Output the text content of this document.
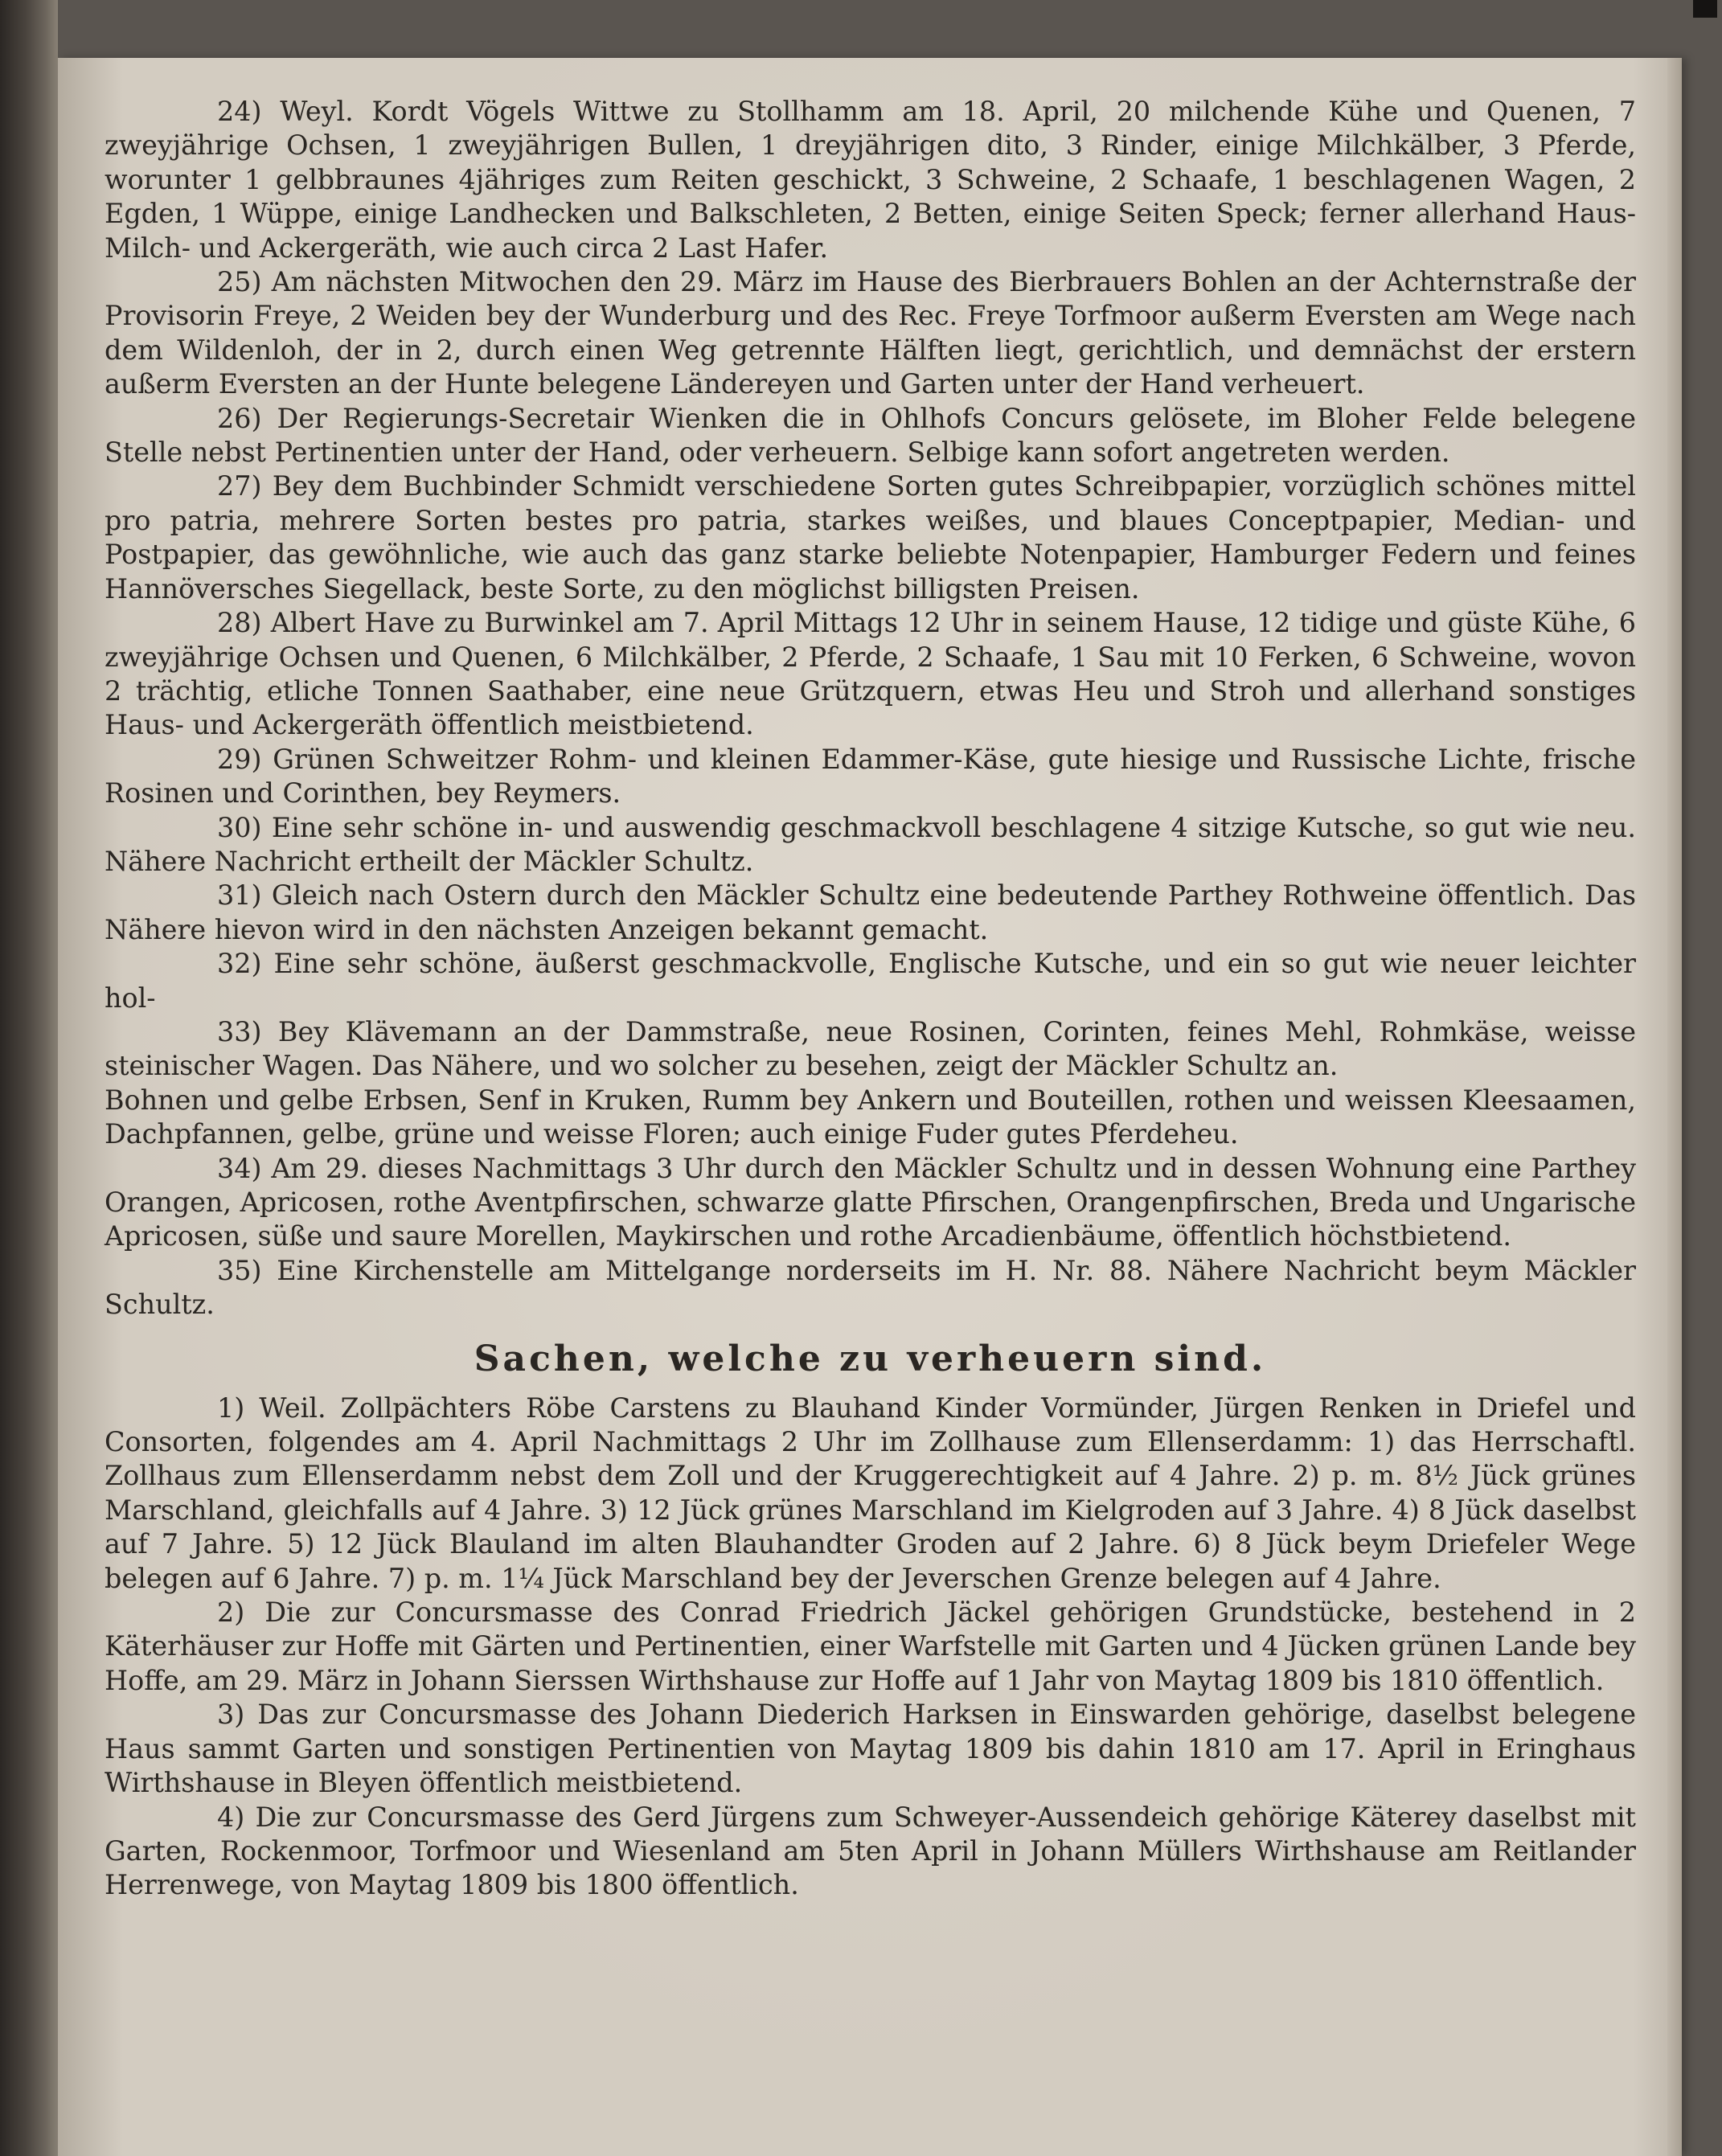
24) Weyl. Kordt Vögels Wittwe zu Stollhamm am 18. April, 20 milchende Kühe und Quenen, 7 zweyjährige Ochsen, 1 zweyjährigen Bullen, 1 dreyjährigen dito, 3 Rinder, einige Milchkälber, 3 Pferde, worunter 1 gelbbraunes 4jähriges zum Reiten geschickt, 3 Schweine, 2 Schaafe, 1 beschlagenen Wagen, 2 Egden, 1 Wüppe, einige Landhecken und Balkschleten, 2 Betten, einige Seiten Speck; ferner allerhand Haus- Milch- und Ackergeräth, wie auch circa 2 Last Hafer.

25) Am nächsten Mitwochen den 29. März im Hause des Bierbrauers Bohlen an der Achternstraße der Provisorin Freye, 2 Weiden bey der Wunderburg und des Rec. Freye Torfmoor außerm Eversten am Wege nach dem Wildenloh, der in 2, durch einen Weg getrennte Hälften liegt, gerichtlich, und demnächst der erstern außerm Eversten an der Hunte belegene Ländereyen und Garten unter der Hand verheuert.

26) Der Regierungs-Secretair Wienken die in Ohlhofs Concurs gelösete, im Bloher Felde belegene Stelle nebst Pertinentien unter der Hand, oder verheuern. Selbige kann sofort angetreten werden.

27) Bey dem Buchbinder Schmidt verschiedene Sorten gutes Schreibpapier, vorzüglich schönes mittel pro patria, mehrere Sorten bestes pro patria, starkes weißes, und blaues Conceptpapier, Median- und Postpapier, das gewöhnliche, wie auch das ganz starke beliebte Notenpapier, Hamburger Federn und feines Hannöversches Siegellack, beste Sorte, zu den möglichst billigsten Preisen.

28) Albert Have zu Burwinkel am 7. April Mittags 12 Uhr in seinem Hause, 12 tidige und güste Kühe, 6 zweyjährige Ochsen und Quenen, 6 Milchkälber, 2 Pferde, 2 Schaafe, 1 Sau mit 10 Ferken, 6 Schweine, wovon 2 trächtig, etliche Tonnen Saathaber, eine neue Grützquern, etwas Heu und Stroh und allerhand sonstiges Haus- und Ackergeräth öffentlich meistbietend.

29) Grünen Schweitzer Rohm- und kleinen Edammer-Käse, gute hiesige und Russische Lichte, frische Rosinen und Corinthen, bey Reymers.

30) Eine sehr schöne in- und auswendig geschmackvoll beschlagene 4 sitzige Kutsche, so gut wie neu. Nähere Nachricht ertheilt der Mäckler Schultz.

31) Gleich nach Ostern durch den Mäckler Schultz eine bedeutende Parthey Rothweine öffentlich. Das Nähere hievon wird in den nächsten Anzeigen bekannt gemacht.

32) Eine sehr schöne, äußerst geschmackvolle, Englische Kutsche, und ein so gut wie neuer leichter hol-

33) Bey Klävemann an der Dammstraße, neue Rosinen, Corinten, feines Mehl, Rohmkäse, weisse steinischer Wagen. Das Nähere, und wo solcher zu besehen, zeigt der Mäckler Schultz an.

Bohnen und gelbe Erbsen, Senf in Kruken, Rumm bey Ankern und Bouteillen, rothen und weissen Kleesaamen, Dachpfannen, gelbe, grüne und weisse Floren; auch einige Fuder gutes Pferdeheu.

34) Am 29. dieses Nachmittags 3 Uhr durch den Mäckler Schultz und in dessen Wohnung eine Parthey Orangen, Apricosen, rothe Aventpfirschen, schwarze glatte Pfirschen, Orangenpfirschen, Breda und Ungarische Apricosen, süße und saure Morellen, Maykirschen und rothe Arcadienbäume, öffentlich höchstbietend.

35) Eine Kirchenstelle am Mittelgange norderseits im H. Nr. 88. Nähere Nachricht beym Mäckler Schultz.

Sachen, welche zu verheuern sind.

1) Weil. Zollpächters Röbe Carstens zu Blauhand Kinder Vormünder, Jürgen Renken in Driefel und Consorten, folgendes am 4. April Nachmittags 2 Uhr im Zollhause zum Ellenserdamm: 1) das Herrschaftl. Zollhaus zum Ellenserdamm nebst dem Zoll und der Kruggerechtigkeit auf 4 Jahre. 2) p. m. 8½ Jück grünes Marschland, gleichfalls auf 4 Jahre. 3) 12 Jück grünes Marschland im Kielgroden auf 3 Jahre. 4) 8 Jück daselbst auf 7 Jahre. 5) 12 Jück Blauland im alten Blauhandter Groden auf 2 Jahre. 6) 8 Jück beym Driefeler Wege belegen auf 6 Jahre. 7) p. m. 1¼ Jück Marschland bey der Jeverschen Grenze belegen auf 4 Jahre.

2) Die zur Concursmasse des Conrad Friedrich Jäckel gehörigen Grundstücke, bestehend in 2 Käterhäuser zur Hoffe mit Gärten und Pertinentien, einer Warfstelle mit Garten und 4 Jücken grünen Lande bey Hoffe, am 29. März in Johann Sierssen Wirthshause zur Hoffe auf 1 Jahr von Maytag 1809 bis 1810 öffentlich.

3) Das zur Concursmasse des Johann Diederich Harksen in Einswarden gehörige, daselbst belegene Haus sammt Garten und sonstigen Pertinentien von Maytag 1809 bis dahin 1810 am 17. April in Eringhaus Wirthshause in Bleyen öffentlich meistbietend.

4) Die zur Concursmasse des Gerd Jürgens zum Schweyer-Aussendeich gehörige Käterey daselbst mit Garten, Rockenmoor, Torfmoor und Wiesenland am 5ten April in Johann Müllers Wirthshause am Reitlander Herrenwege, von Maytag 1809 bis 1800 öffentlich.
